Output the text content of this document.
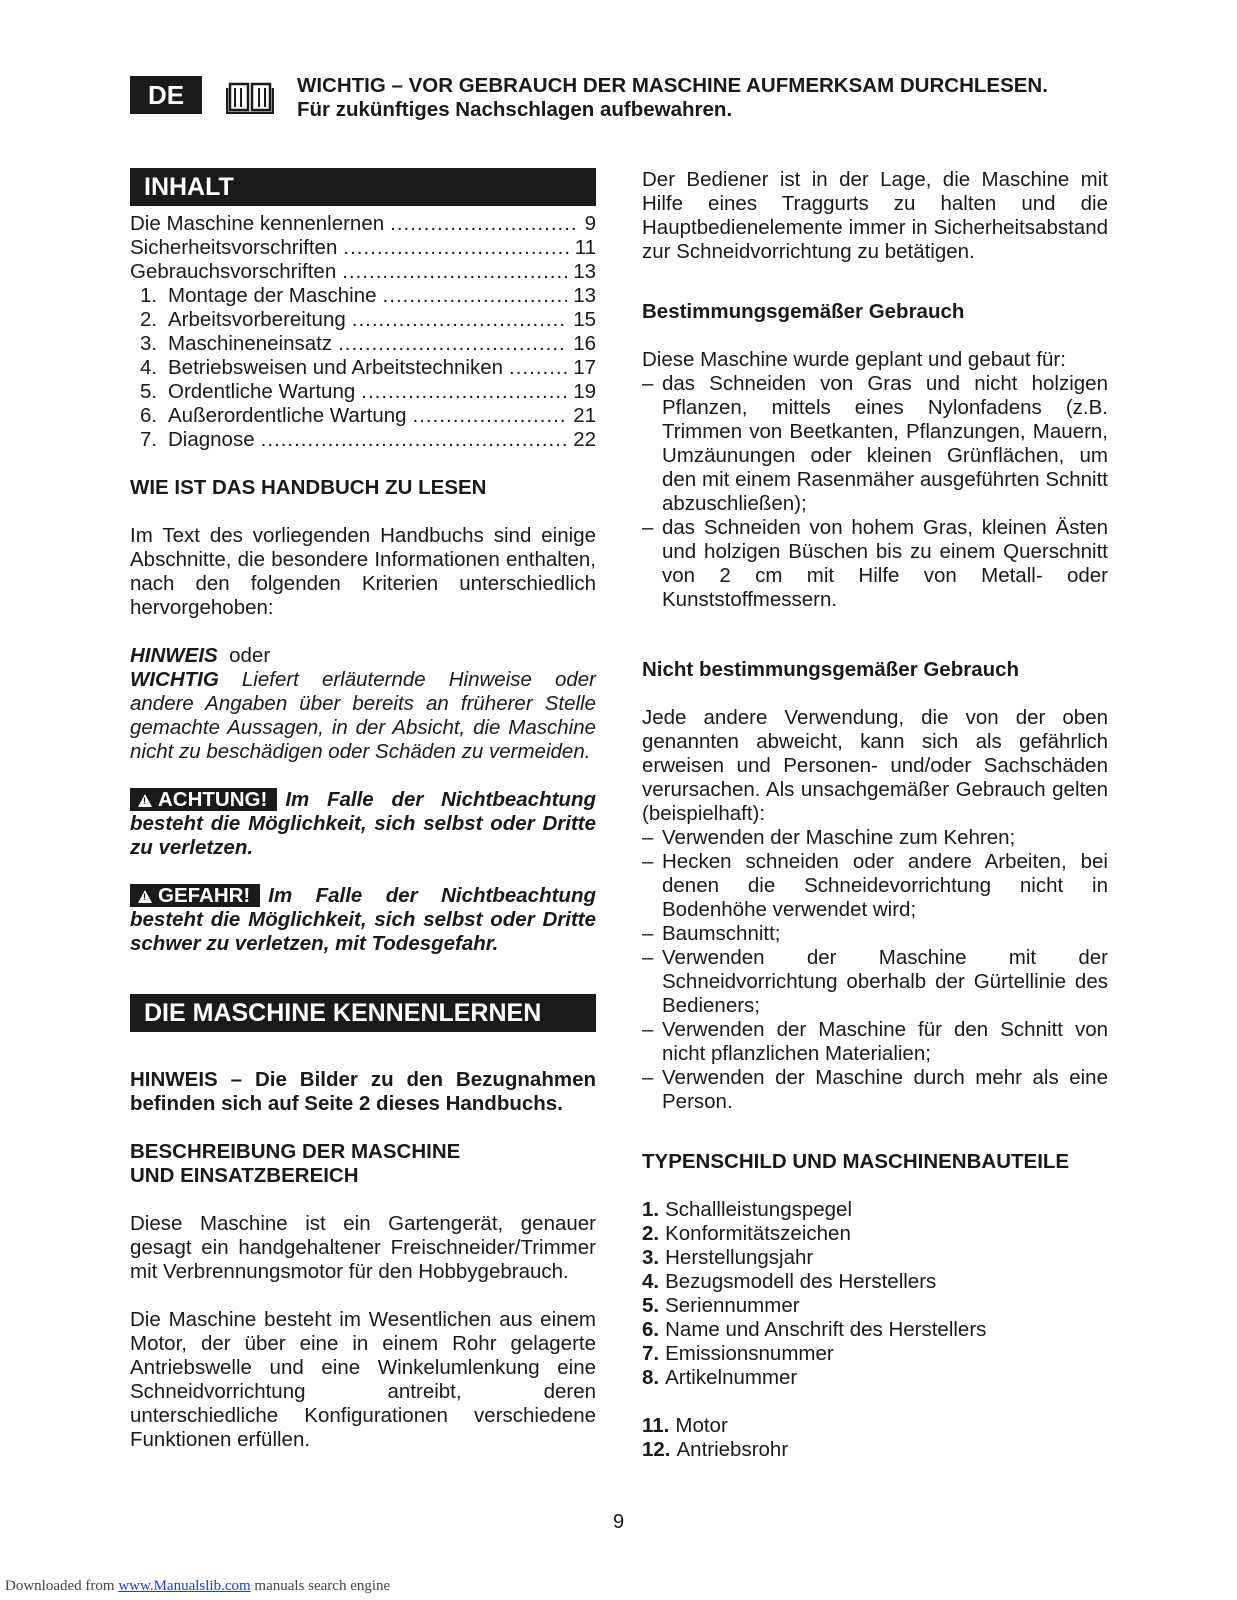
DE	WICHTIG – VOR GEBRAUCH DER MASCHINE AUFMERKSAM DURCHLESEN.
Für zukünftiges Nachschlagen aufbewahren.
INHALT
Die Maschine kennenlernen .....	9
Sicherheitsvorschriften .....	11
Gebrauchsvorschriften .....	13
1. Montage der Maschine .....	13
2. Arbeitsvorbereitung .....	15
3. Maschineneinsatz .....	16
4. Betriebsweisen und Arbeitstechniken .....	17
5. Ordentliche Wartung .....	19
6. Außerordentliche Wartung .....	21
7. Diagnose .....	22
WIE IST DAS HANDBUCH ZU LESEN
Im Text des vorliegenden Handbuchs sind einige Abschnitte, die besondere Informationen enthalten, nach den folgenden Kriterien unterschiedlich hervorgehoben:
HINWEIS oder
WICHTIG Liefert erläuternde Hinweise oder andere Angaben über bereits an früherer Stelle gemachte Aussagen, in der Absicht, die Maschine nicht zu beschädigen oder Schäden zu vermeiden.
!ACHTUNG! Im Falle der Nichtbeachtung besteht die Möglichkeit, sich selbst oder Dritte zu verletzen.
!GEFAHR! Im Falle der Nichtbeachtung besteht die Möglichkeit, sich selbst oder Dritte schwer zu verletzen, mit Todesgefahr.
DIE MASCHINE KENNENLERNEN
HINWEIS – Die Bilder zu den Bezugnahmen befinden sich auf Seite 2 dieses Handbuchs.
BESCHREIBUNG DER MASCHINE
UND EINSATZBEREICH
Diese Maschine ist ein Gartengerät, genauer gesagt ein handgehaltener Freischneider/Trimmer mit Verbrennungsmotor für den Hobbygebrauch.
Die Maschine besteht im Wesentlichen aus einem Motor, der über eine in einem Rohr gelagerte Antriebswelle und eine Winkelumlenkung eine Schneidvorrichtung antreibt, deren unterschiedliche Konfigurationen verschiedene Funktionen erfüllen.
Der Bediener ist in der Lage, die Maschine mit Hilfe eines Traggurts zu halten und die Hauptbedienelemente immer in Sicherheitsabstand zur Schneidvorrichtung zu betätigen.
Bestimmungsgemäßer Gebrauch
Diese Maschine wurde geplant und gebaut für:
– das Schneiden von Gras und nicht holzigen Pflanzen, mittels eines Nylonfadens (z.B. Trimmen von Beetkanten, Pflanzungen, Mauern, Umzäunungen oder kleinen Grünflächen, um den mit einem Rasenmäher ausgeführten Schnitt abzuschließen);
– das Schneiden von hohem Gras, kleinen Ästen und holzigen Büschen bis zu einem Querschnitt von 2 cm mit Hilfe von Metall- oder Kunststoffmessern.
Nicht bestimmungsgemäßer Gebrauch
Jede andere Verwendung, die von der oben genannten abweicht, kann sich als gefährlich erweisen und Personen- und/oder Sachschäden verursachen. Als unsachgemäßer Gebrauch gelten (beispielhaft):
– Verwenden der Maschine zum Kehren;
– Hecken schneiden oder andere Arbeiten, bei denen die Schneidevorrichtung nicht in Bodenhöhe verwendet wird;
– Baumschnitt;
– Verwenden der Maschine mit der Schneidvorrichtung oberhalb der Gürtellinie des Bedieners;
– Verwenden der Maschine für den Schnitt von nicht pflanzlichen Materialien;
– Verwenden der Maschine durch mehr als eine Person.
TYPENSCHILD UND MASCHINENBAUTEILE
1. Schallleistungspegel
2. Konformitätszeichen
3. Herstellungsjahr
4. Bezugsmodell des Herstellers
5. Seriennummer
6. Name und Anschrift des Herstellers
7. Emissionsnummer
8. Artikelnummer
11. Motor
12. Antriebsrohr
9
Downloaded from www.Manualslib.com manuals search engine
